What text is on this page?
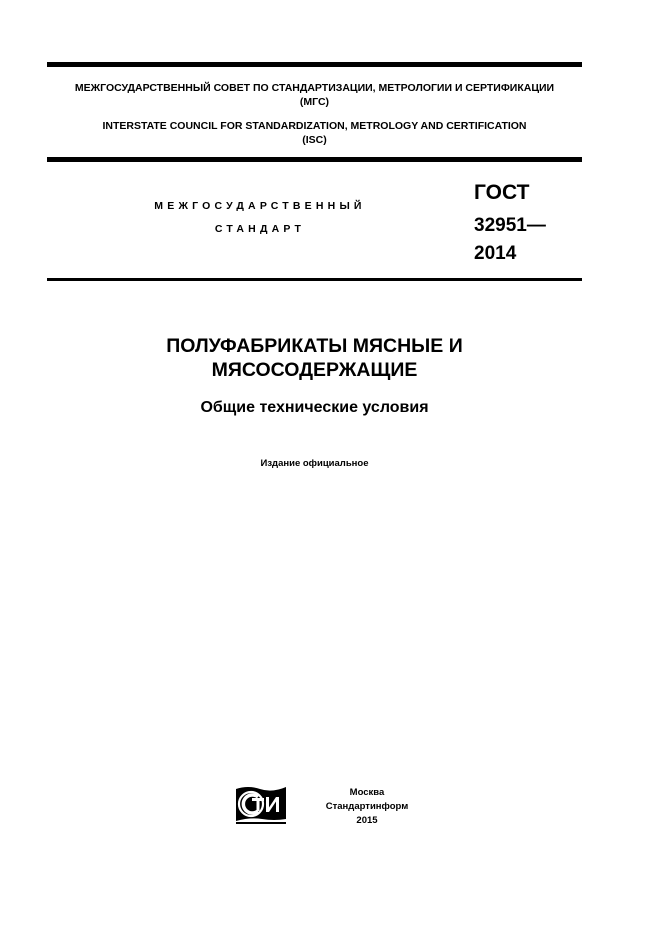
МЕЖГОСУДАРСТВЕННЫЙ СОВЕТ ПО СТАНДАРТИЗАЦИИ, МЕТРОЛОГИИ И СЕРТИФИКАЦИИ
(МГС)
INTERSTATE COUNCIL FOR STANDARDIZATION, METROLOGY AND CERTIFICATION
(ISC)
МЕЖГОСУДАРСТВЕННЫЙ
СТАНДАРТ
ГОСТ
32951—
2014
ПОЛУФАБРИКАТЫ МЯСНЫЕ И
МЯСОСОДЕРЖАЩИЕ
Общие технические условия
Издание официальное
Москва
Стандартинформ
2015
